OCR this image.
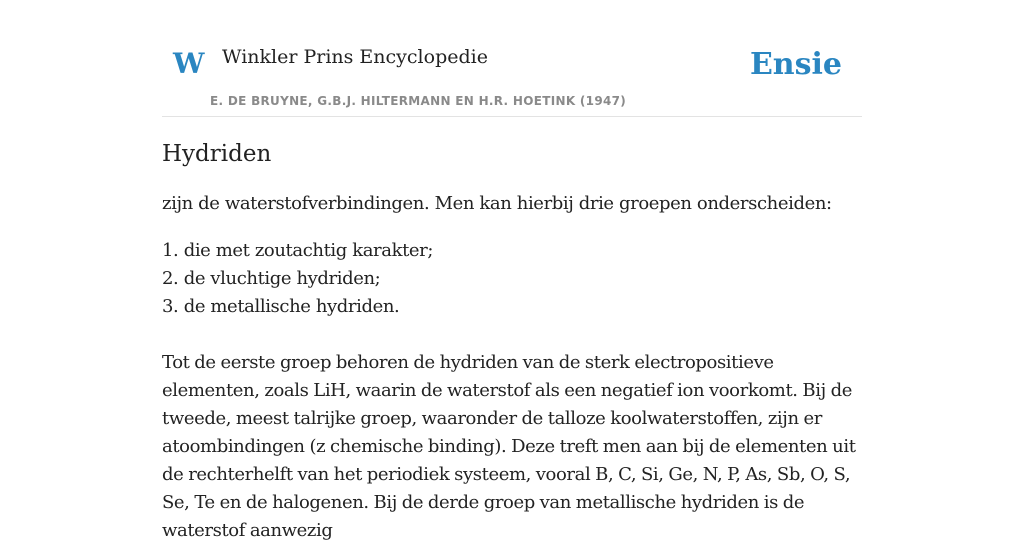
W Winkler Prins Encyclopedie
E. DE BRUYNE, G.B.J. HILTERMANN EN H.R. HOETINK (1947)
Ensie
Hydriden

zijn de waterstofverbindingen. Men kan hierbij drie groepen onderscheiden:

1. die met zoutachtig karakter;
2. de vluchtige hydriden;
3. de metallische hydriden.

Tot de eerste groep behoren de hydriden van de sterk electropositieve elementen, zoals LiH, waarin de waterstof als een negatief ion voorkomt. Bij de tweede, meest talrijke groep, waaronder de talloze koolwaterstoffen, zijn er atoombindingen (z chemische binding). Deze treft men aan bij de elementen uit de rechterhelft van het periodiek systeem, vooral B, C, Si, Ge, N, P, As, Sb, O, S, Se, Te en de halogenen. Bij de derde groep van metallische hydriden is de waterstof aanwezig
